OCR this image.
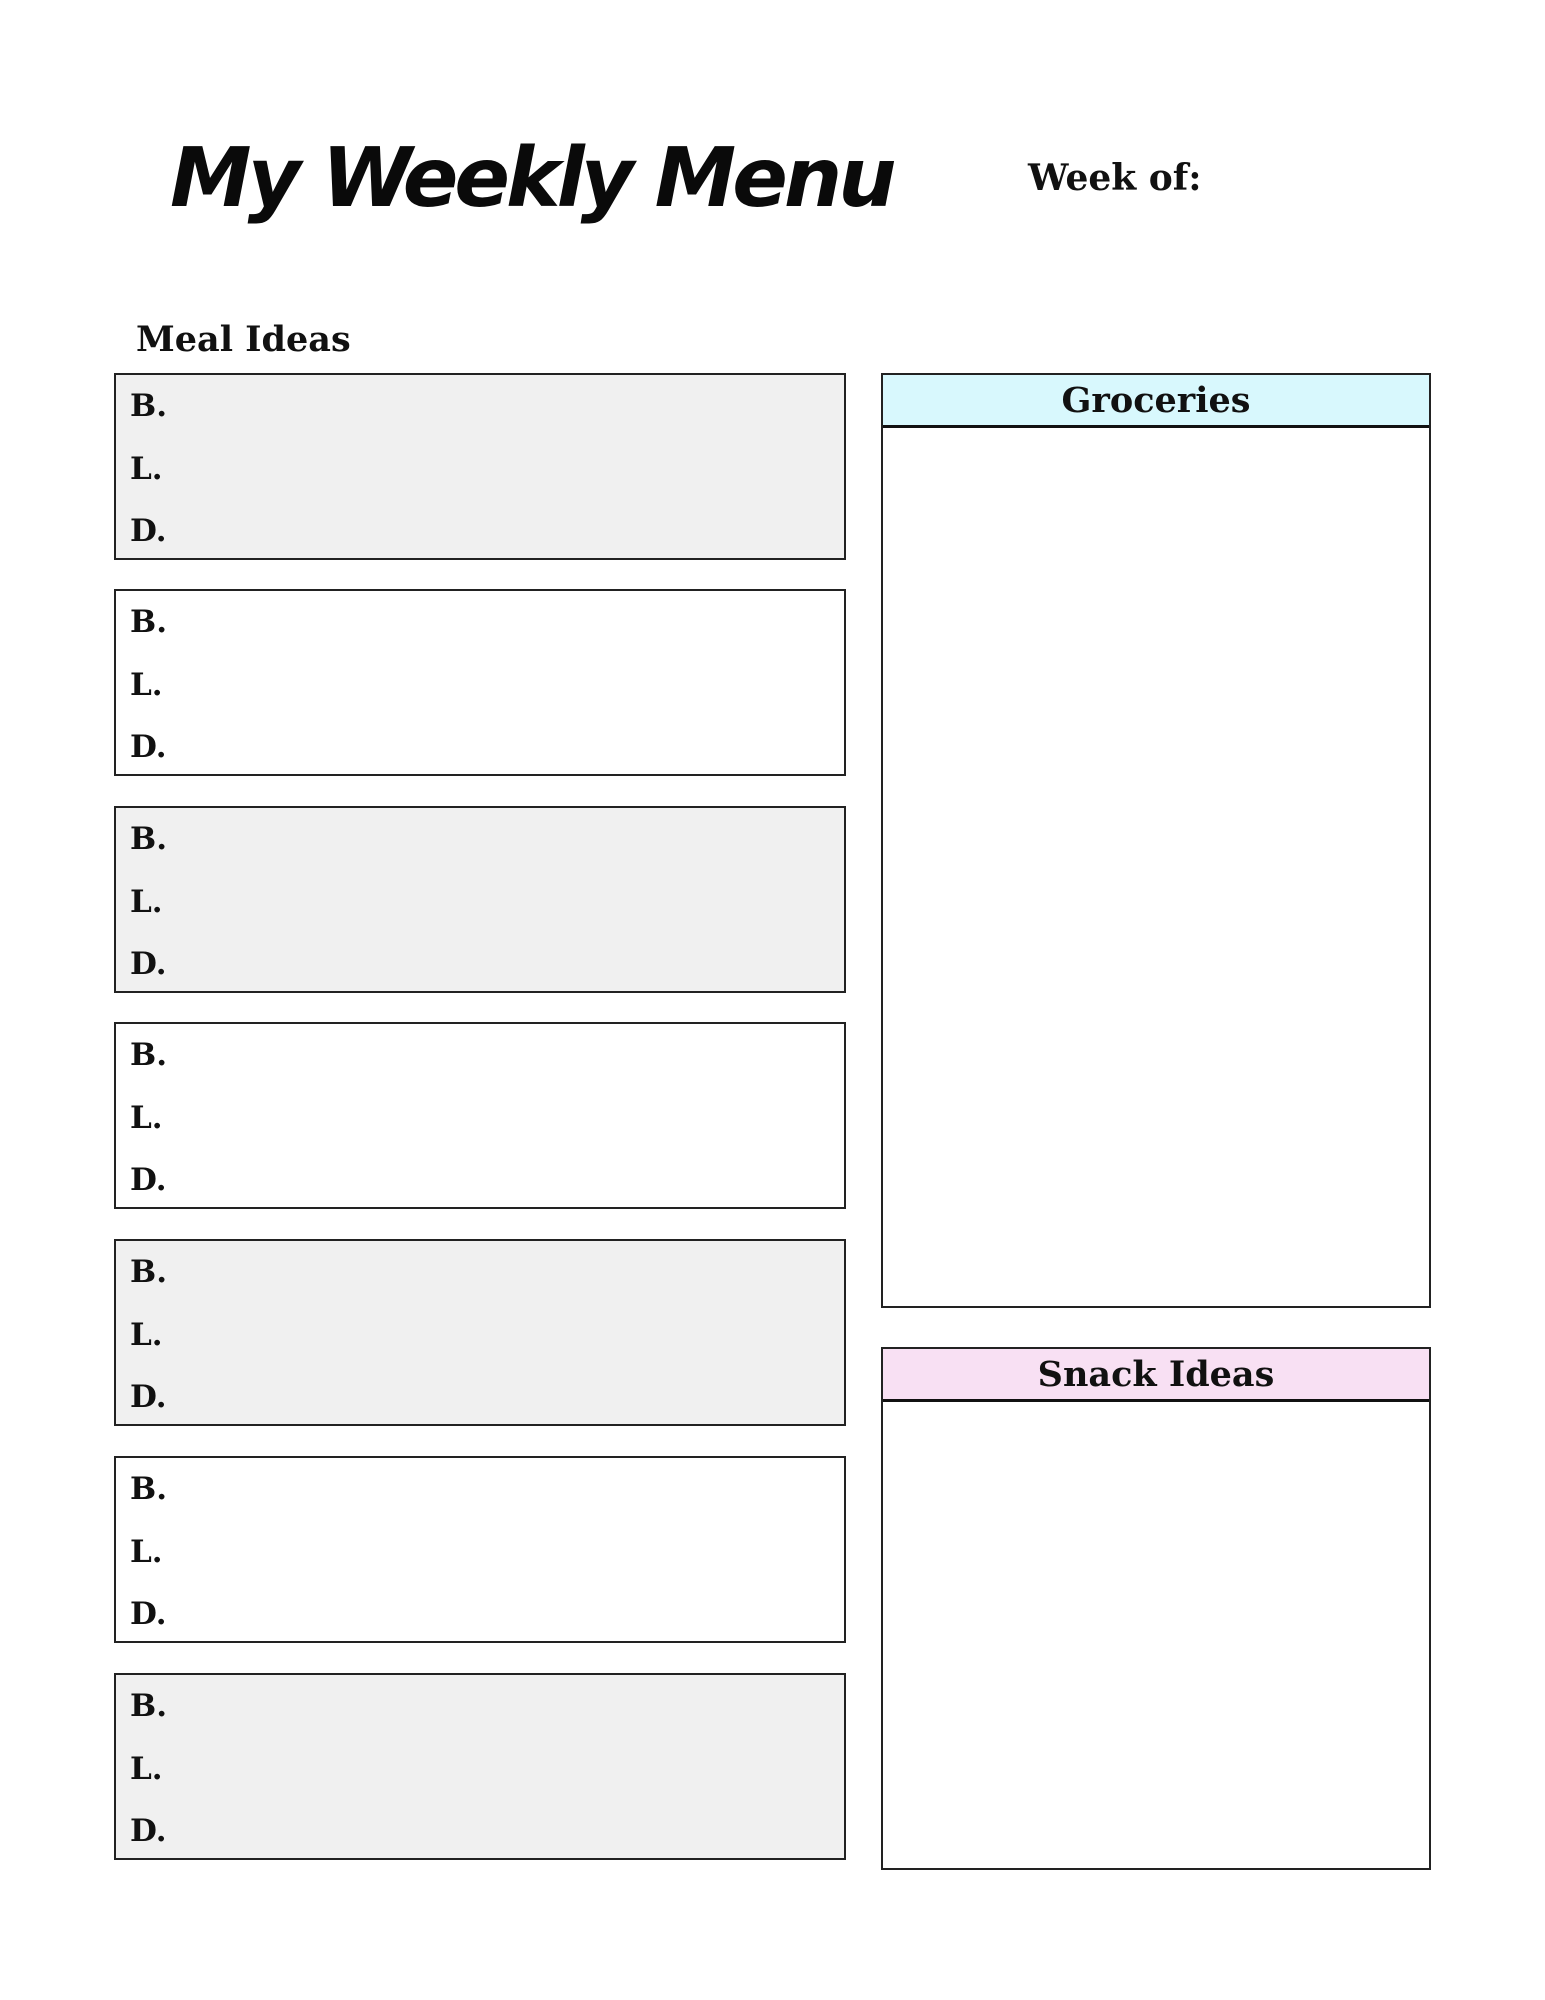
My Weekly Menu	Week of:
Meal Ideas
B.
L.
D.
B.
L.
D.
B.
L.
D.
B.
L.
D.
B.
L.
D.
B.
L.
D.
B.
L.
D.
Groceries
Snack Ideas
